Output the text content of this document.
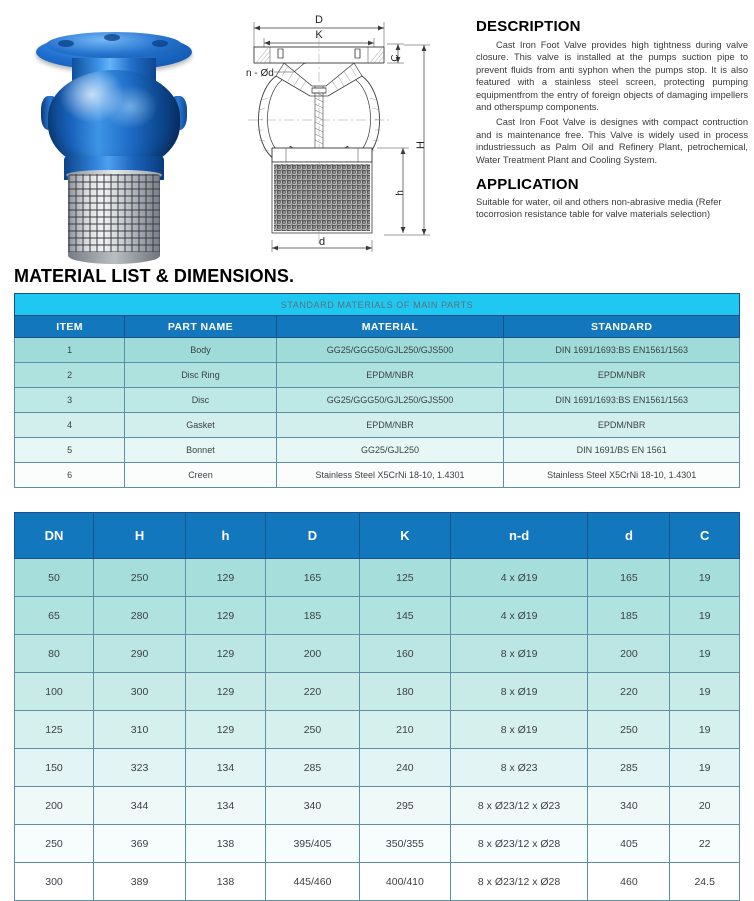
D
K
C
H
h
d
n - Ød
DESCRIPTION

Cast Iron Foot Valve provides high tightness during valve closure. This valve is installed at the pumps suction pipe to prevent fluids from anti syphon when the pumps stop. It is also featured with a stainless steel screen, protecting pumping equipmentfrom the entry of foreign objects of damaging impellers and otherspump components.

Cast Iron Foot Valve is designes with compact contruction and is maintenance free. This Valve is widely used in process industriessuch as Palm Oil and Refinery Plant, petrochemical, Water Treatment Plant and Cooling System.

APPLICATION

Suitable for water, oil and others non-abrasive media (Refer tocorrosion resistance table for valve materials selection)

MATERIAL LIST & DIMENSIONS.
STANDARD MATERIALS OF MAIN PARTS			
ITEM	PART NAME	MATERIAL	STANDARD
1	Body	GG25/GGG50/GJL250/GJS500	DIN 1691/1693:BS EN1561/1563
2	Disc Ring	EPDM/NBR	EPDM/NBR
3	Disc	GG25/GGG50/GJL250/GJS500	DIN 1691/1693:BS EN1561/1563
4	Gasket	EPDM/NBR	EPDM/NBR
5	Bonnet	GG25/GJL250	DIN 1691/BS EN 1561
6	Creen	Stainless Steel X5CrNi 18-10, 1.4301	Stainless Steel X5CrNi 18-10, 1.4301
DN	H	h	D	K	n-d	d	C
50	250	129	165	125	4 x Ø19	165	19
65	280	129	185	145	4 x Ø19	185	19
80	290	129	200	160	8 x Ø19	200	19
100	300	129	220	180	8 x Ø19	220	19
125	310	129	250	210	8 x Ø19	250	19
150	323	134	285	240	8 x Ø23	285	19
200	344	134	340	295	8 x Ø23/12 x Ø23	340	20
250	369	138	395/405	350/355	8 x Ø23/12 x Ø28	405	22
300	389	138	445/460	400/410	8 x Ø23/12 x Ø28	460	24.5
